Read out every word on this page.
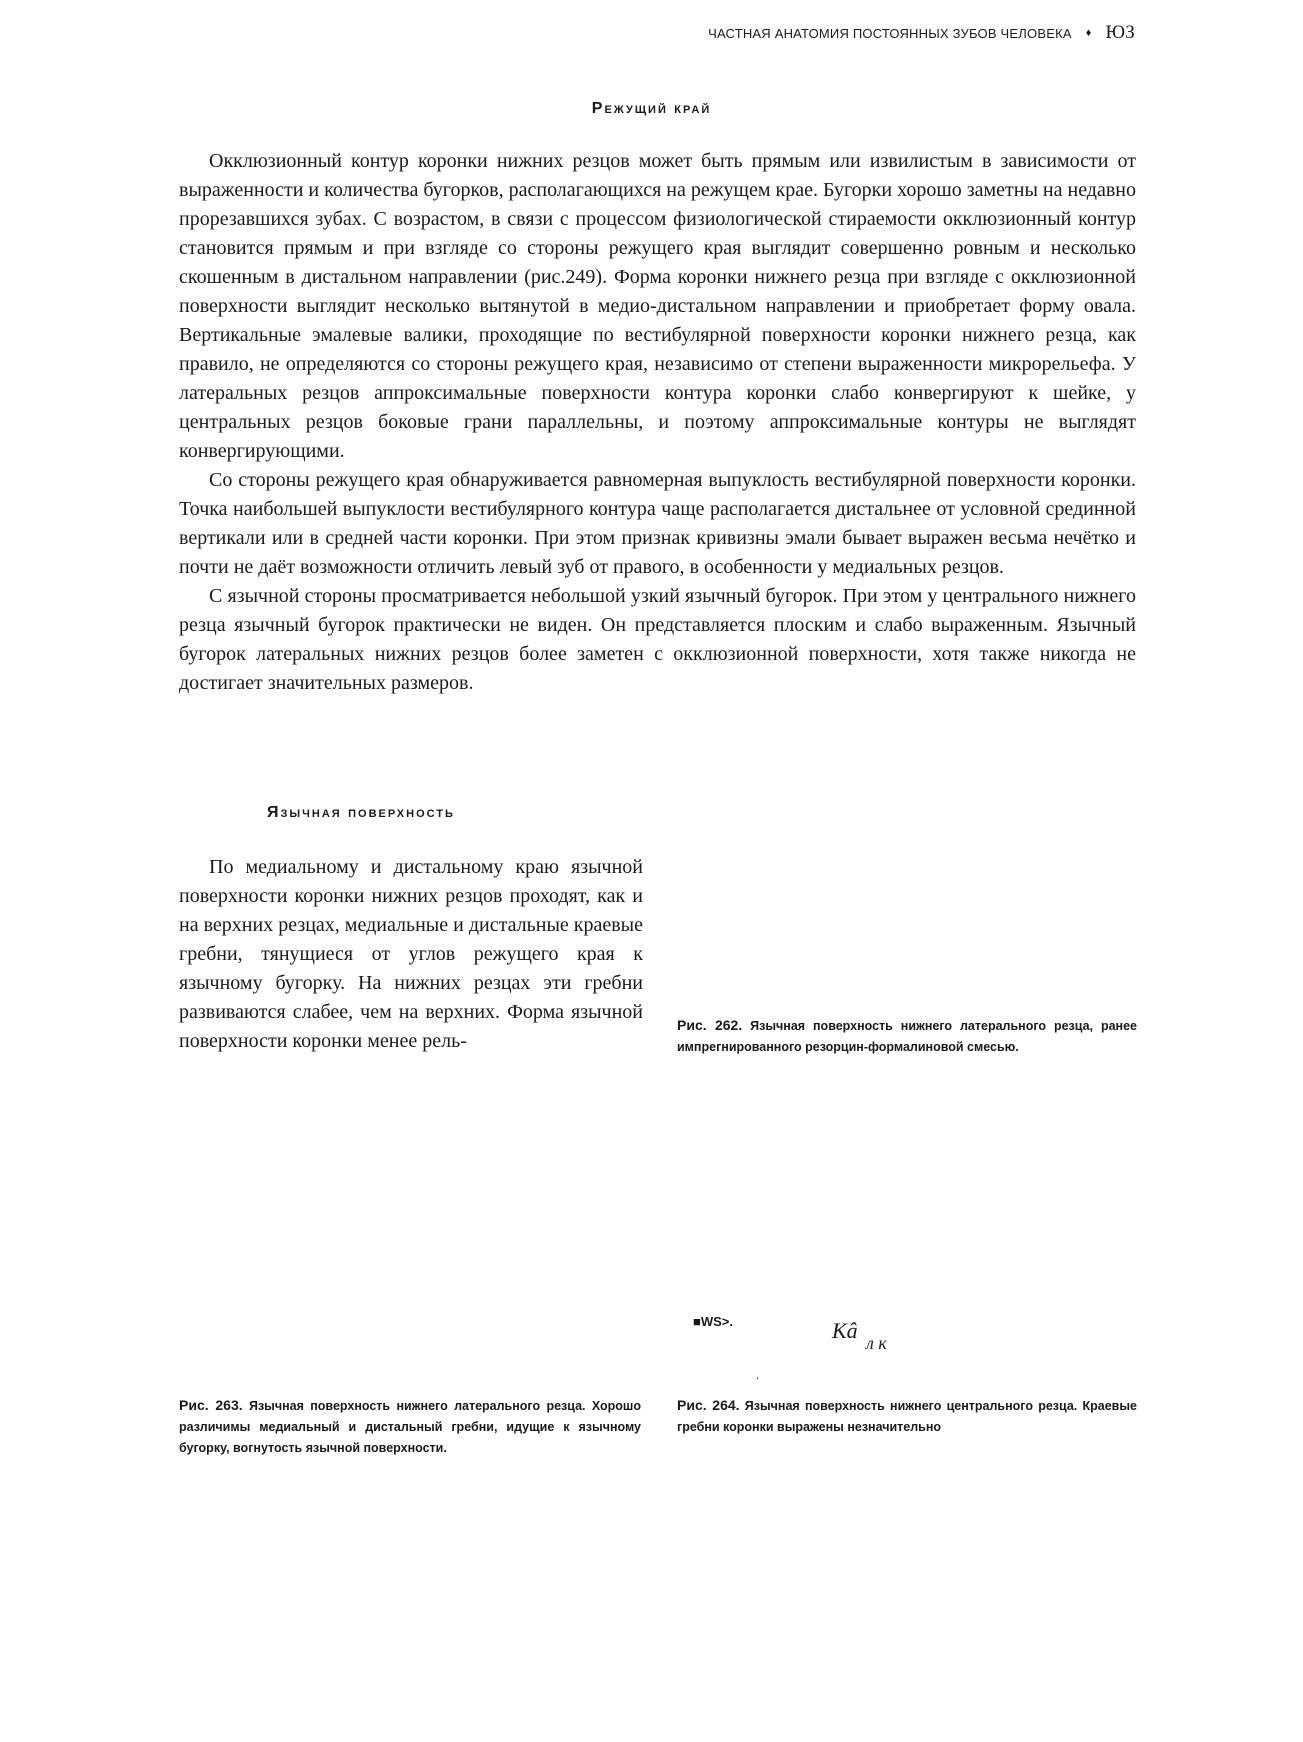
ЧАСТНАЯ АНАТОМИЯ ПОСТОЯННЫХ ЗУБОВ ЧЕЛОВЕКА ♦ ЮЗ
Режущий край

Окклюзионный контур коронки нижних резцов может быть прямым или извилистым в зависимости от выраженности и количества бугорков, располагающихся на режущем крае. Бугорки хорошо заметны на недавно прорезавшихся зубах. С возрастом, в связи с процессом физиологической стираемости окклюзионный контур становится прямым и при взгляде со стороны режущего края выглядит совершенно ровным и несколько скошенным в дистальном направлении (рис.249). Форма коронки нижнего резца при взгляде с окклюзионной поверхности выглядит несколько вытянутой в медио-дистальном направлении и приобретает форму овала. Вертикальные эмалевые валики, проходящие по вестибулярной поверхности коронки нижнего резца, как правило, не определяются со стороны режущего края, независимо от степени выраженности микрорельефа. У латеральных резцов аппроксимальные поверхности контура коронки слабо конвергируют к шейке, у центральных резцов боковые грани параллельны, и поэтому аппроксимальные контуры не выглядят конвергирующими.

Со стороны режущего края обнаруживается равномерная выпуклость вестибулярной поверхности коронки. Точка наибольшей выпуклости вестибулярного контура чаще располагается дистальнее от условной срединной вертикали или в средней части коронки. При этом признак кривизны эмали бывает выражен весьма нечётко и почти не даёт возможности отличить левый зуб от правого, в особенности у медиальных резцов.

С язычной стороны просматривается небольшой узкий язычный бугорок. При этом у центрального нижнего резца язычный бугорок практически не виден. Он представляется плоским и слабо выраженным. Язычный бугорок латеральных нижних резцов более заметен с окклюзионной поверхности, хотя также никогда не достигает значительных размеров.

Язычная поверхность

По медиальному и дистальному краю язычной поверхности коронки нижних резцов проходят, как и на верхних резцах, медиальные и дистальные краевые гребни, тянущиеся от углов режущего края к язычному бугорку. На нижних резцах эти гребни развиваются слабее, чем на верхних. Форма язычной поверхности коронки менее рель-

■WS>.	Kâ л к
.
Рис. 262. Язычная поверхность нижнего латерального резца, ранее импрегнированного резорцин-формалиновой смесью.
Рис. 263. Язычная поверхность нижнего латерального резца. Хорошо различимы медиальный и дистальный гребни, идущие к язычному бугорку, вогнутость язычной поверхности.
Рис. 264. Язычная поверхность нижнего центрального резца. Краевые гребни коронки выражены незначительно
